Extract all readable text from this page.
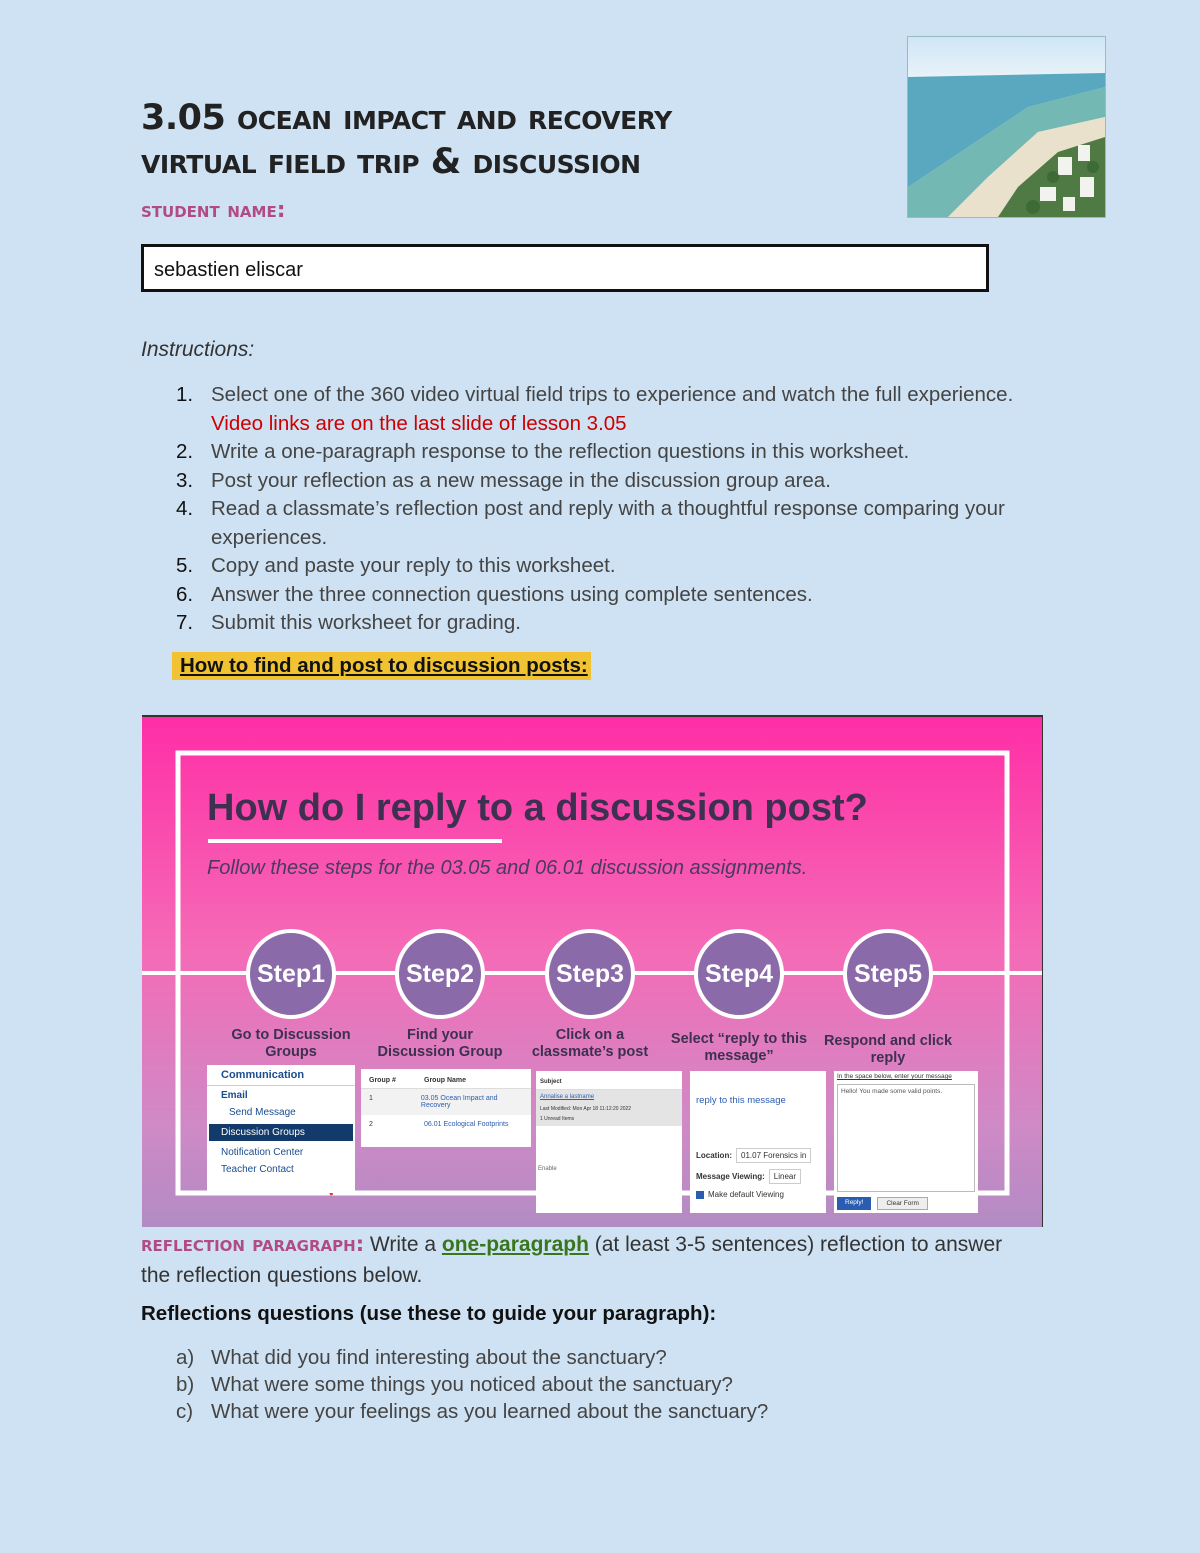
3.05 ocean impact and recovery
virtual field trip & discussion
student name:
sebastien eliscar
Instructions:
1. Select one of the 360 video virtual field trips to experience and watch the full experience. Video links are on the last slide of lesson 3.05
2. Write a one-paragraph response to the reflection questions in this worksheet.
3. Post your reflection as a new message in the discussion group area.
4. Read a classmate’s reflection post and reply with a thoughtful response comparing your experiences.
5. Copy and paste your reply to this worksheet.
6. Answer the three connection questions using complete sentences.
7. Submit this worksheet for grading.
How to find and post to discussion posts:
How do I reply to a discussion post?
Follow these steps for the 03.05 and 06.01 discussion assignments.
Step1	Step2	Step3	Step4	Step5
Go to Discussion Groups
Find your Discussion Group
Click on a classmate’s post
Select “reply to this message”
Respond and click reply
Communication
Email
Send Message
Discussion Groups
Notification Center
Teacher Contact
Group #	Group Name
1	03.05 Ocean Impact and Recovery
2	06.01 Ecological Footprints
Subject
Annalise a lastname
Last Modified: Mon Apr 18 11:12:20 2022
1 Unread Items
Enable
reply to this message
Location:	01.07 Forensics in
Message Viewing:	Linear
Make default Viewing
In the space below, enter your message
Hello! You made some valid points.
Reply!	Clear Form
reflection paragraph: Write a one-paragraph (at least 3-5 sentences) reflection to answer the reflection questions below.
Reflections questions (use these to guide your paragraph):
a) What did you find interesting about the sanctuary?
b) What were some things you noticed about the sanctuary?
c) What were your feelings as you learned about the sanctuary?
